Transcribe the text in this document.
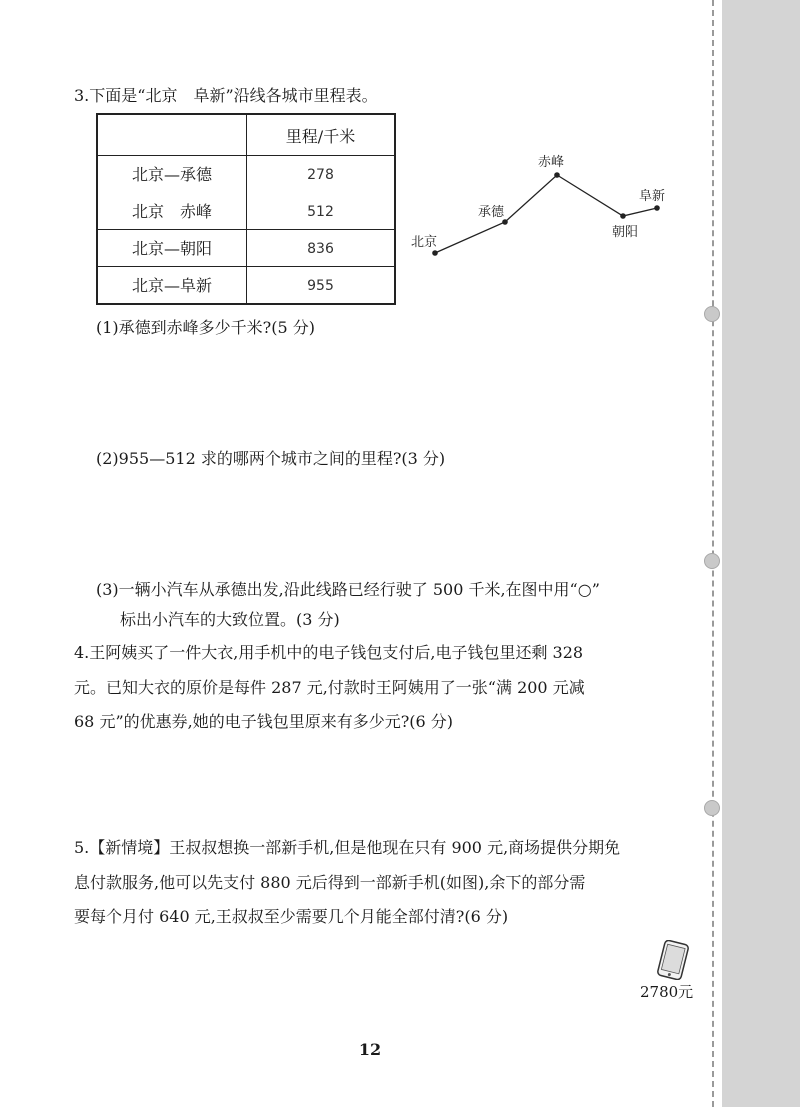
3.下面是“北京　阜新”沿线各城市里程表。
里程/千米
北京—承德	278
北京　赤峰	512
北京—朝阳	836
北京—阜新	955
北京
承德
赤峰
朝阳
阜新
(1)承德到赤峰多少千米?(5 分)
(2)955—512 求的哪两个城市之间的里程?(3 分)
(3)一辆小汽车从承德出发,沿此线路已经行驶了 500 千米,在图中用“○”
标出小汽车的大致位置。(3 分)
4.王阿姨买了一件大衣,用手机中的电子钱包支付后,电子钱包里还剩 328
元。已知大衣的原价是每件 287 元,付款时王阿姨用了一张“满 200 元减
68 元”的优惠券,她的电子钱包里原来有多少元?(6 分)
5.【新情境】王叔叔想换一部新手机,但是他现在只有 900 元,商场提供分期免
息付款服务,他可以先支付 880 元后得到一部新手机(如图),余下的部分需
要每个月付 640 元,王叔叔至少需要几个月能全部付清?(6 分)
2780元
12
